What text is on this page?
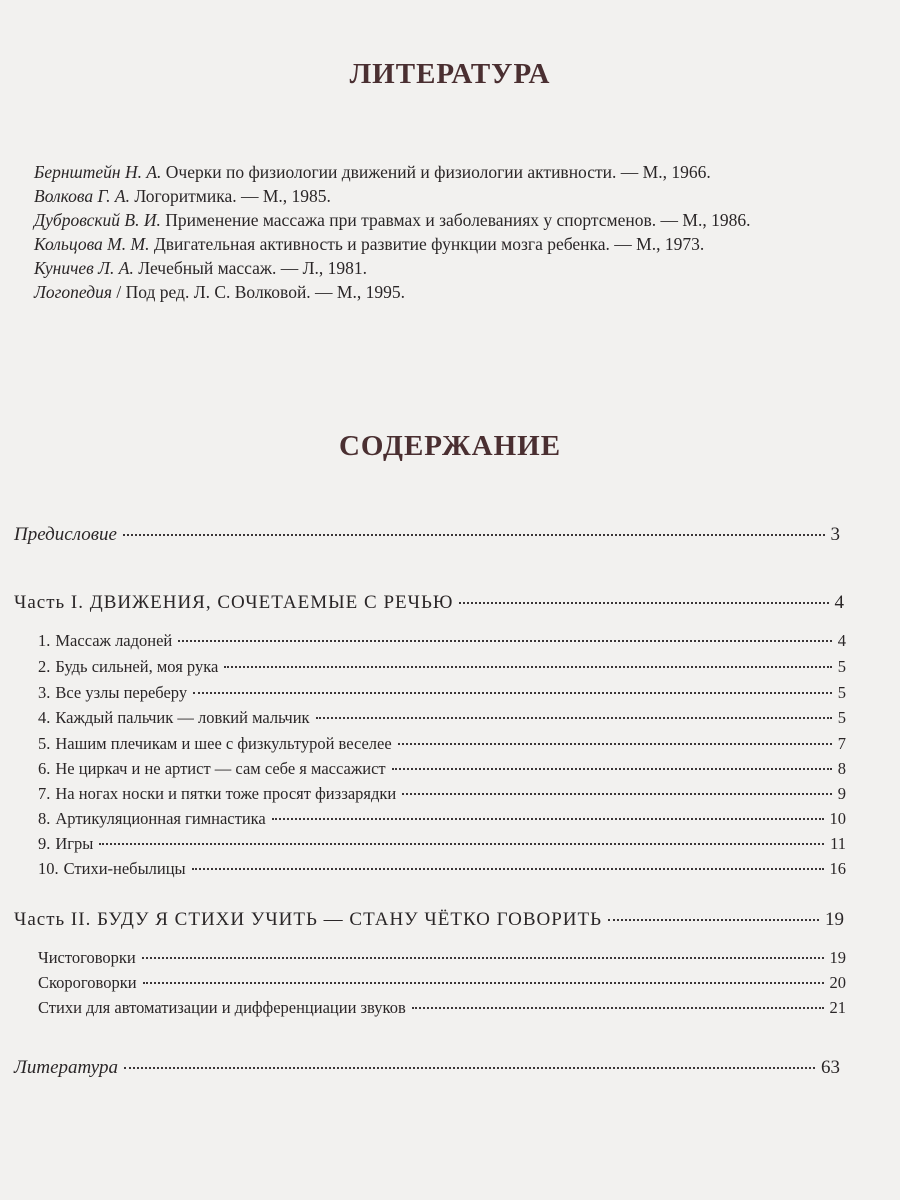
ЛИТЕРАТУРА
Бернштейн Н. А. Очерки по физиологии движений и физиологии активности. — М., 1966.
Волкова Г. А. Логоритмика. — М., 1985.
Дубровский В. И. Применение массажа при травмах и заболеваниях у спортсменов. — М., 1986.
Кольцова М. М. Двигательная активность и развитие функции мозга ребенка. — М., 1973.
Куничев Л. А. Лечебный массаж. — Л., 1981.
Логопедия / Под ред. Л. С. Волковой. — М., 1995.
СОДЕРЖАНИЕ
Предисловие	3
Часть I. ДВИЖЕНИЯ, СОЧЕТАЕМЫЕ С РЕЧЬЮ	4
1. Массаж ладоней	4
2. Будь сильней, моя рука	5
3. Все узлы переберу	5
4. Каждый пальчик — ловкий мальчик	5
5. Нашим плечикам и шее с физкультурой веселее	7
6. Не циркач и не артист — сам себе я массажист	8
7. На ногах носки и пятки тоже просят физзарядки	9
8. Артикуляционная гимнастика	10
9. Игры	11
10. Стихи-небылицы	16
Часть II. БУДУ Я СТИХИ УЧИТЬ — СТАНУ ЧЁТКО ГОВОРИТЬ	19
Чистоговорки	19
Скороговорки	20
Стихи для автоматизации и дифференциации звуков	21
Литература	63
